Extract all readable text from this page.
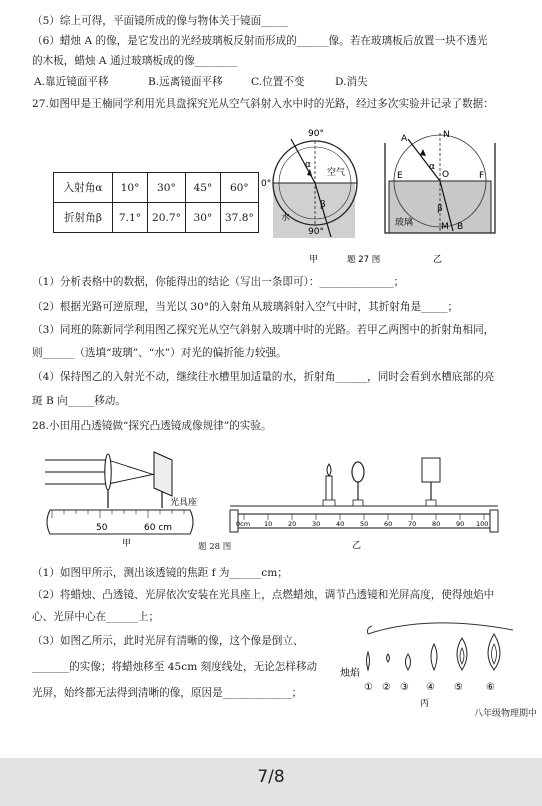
（5）综上可得，平面镜所成的像与物体关于镜面_____
（6）蜡烛 A 的像，是它发出的光经玻璃板反射而形成的______像。若在玻璃板后放置一块不透光
的木板，蜡烛 A 通过玻璃板成的像________
A.靠近镜面平移	B.远离镜面平移	C.位置不变	D.消失
27.如图甲是王楠同学利用光具盘探究光从空气斜射入水中时的光路，经过多次实验并记录了数据：
入射角α	10°	30°	45°	60°
折射角β	7.1°	20.7°	30°	37.8°
90°
0°
90°
空气
水
α
β
N
A
α
O
E	F
β
玻璃	M B
甲	题 27 图	乙
（1）分析表格中的数据，你能得出的结论（写出一条即可）：______________；
（2）根据光路可逆原理，当光以 30°的入射角从玻璃斜射入空气中时，其折射角是_____；
（3）同班的陈新同学利用图乙探究光从空气斜射入玻璃中时的光路。若甲乙两图中的折射角相同，
则______（选填“玻璃”、“水”）对光的偏折能力较强。
（4）保持图乙的入射光不动，继续往水槽里加适量的水，折射角______，同时会看到水槽底部的亮
斑 B 向_____移动。
28.小田用凸透镜做“探究凸透镜成像规律”的实验。
光具座
50	60 cm
甲	题 28 图
0cm 10 20 30 40 50 60 70 80 90 100
乙
（1）如图甲所示，测出该透镜的焦距 f 为______cm；
（2）将蜡烛、凸透镜、光屏依次安装在光具座上，点燃蜡烛，调节凸透镜和光屏高度，使得烛焰中
心、光屏中心在______上；
（3）如图乙所示，此时光屏有清晰的像，这个像是倒立、
_______的实像；将蜡烛移至 45cm 刻度线处，无论怎样移动
光屏，始终都无法得到清晰的像，原因是_____________；
烛焰
① ② ③ ④ ⑤ ⑥
丙
八年级物理期中
7/8
